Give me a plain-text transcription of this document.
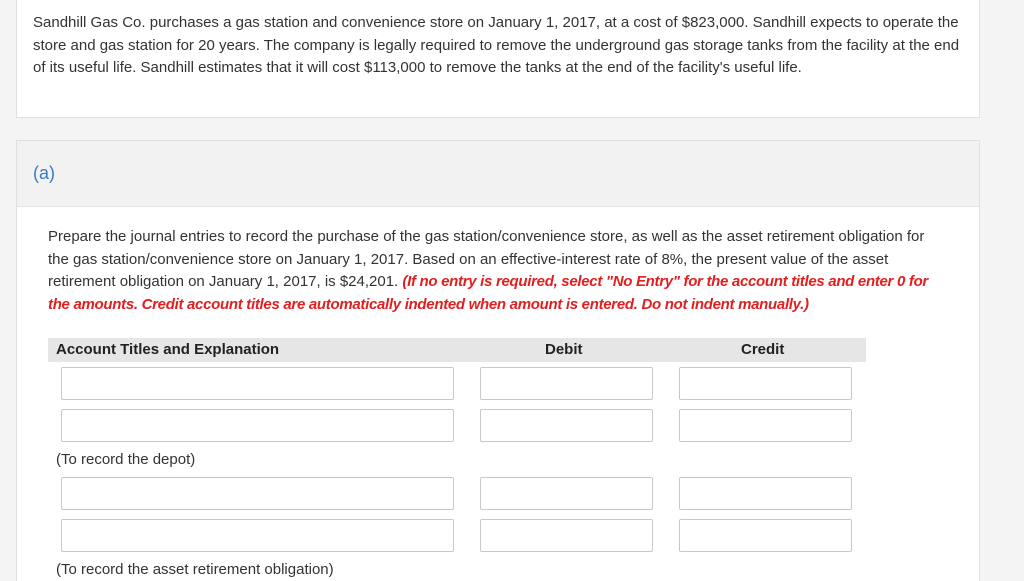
Sandhill Gas Co. purchases a gas station and convenience store on January 1, 2017, at a cost of $823,000. Sandhill expects to operate the store and gas station for 20 years. The company is legally required to remove the underground gas storage tanks from the facility at the end of its useful life. Sandhill estimates that it will cost $113,000 to remove the tanks at the end of the facility's useful life.

(a)

Prepare the journal entries to record the purchase of the gas station/convenience store, as well as the asset retirement obligation for the gas station/convenience store on January 1, 2017. Based on an effective-interest rate of 8%, the present value of the asset retirement obligation on January 1, 2017, is $24,201. (If no entry is required, select "No Entry" for the account titles and enter 0 for the amounts. Credit account titles are automatically indented when amount is entered. Do not indent manually.)

Account Titles and Explanation	Debit	Credit
(To record the depot)
(To record the asset retirement obligation)
